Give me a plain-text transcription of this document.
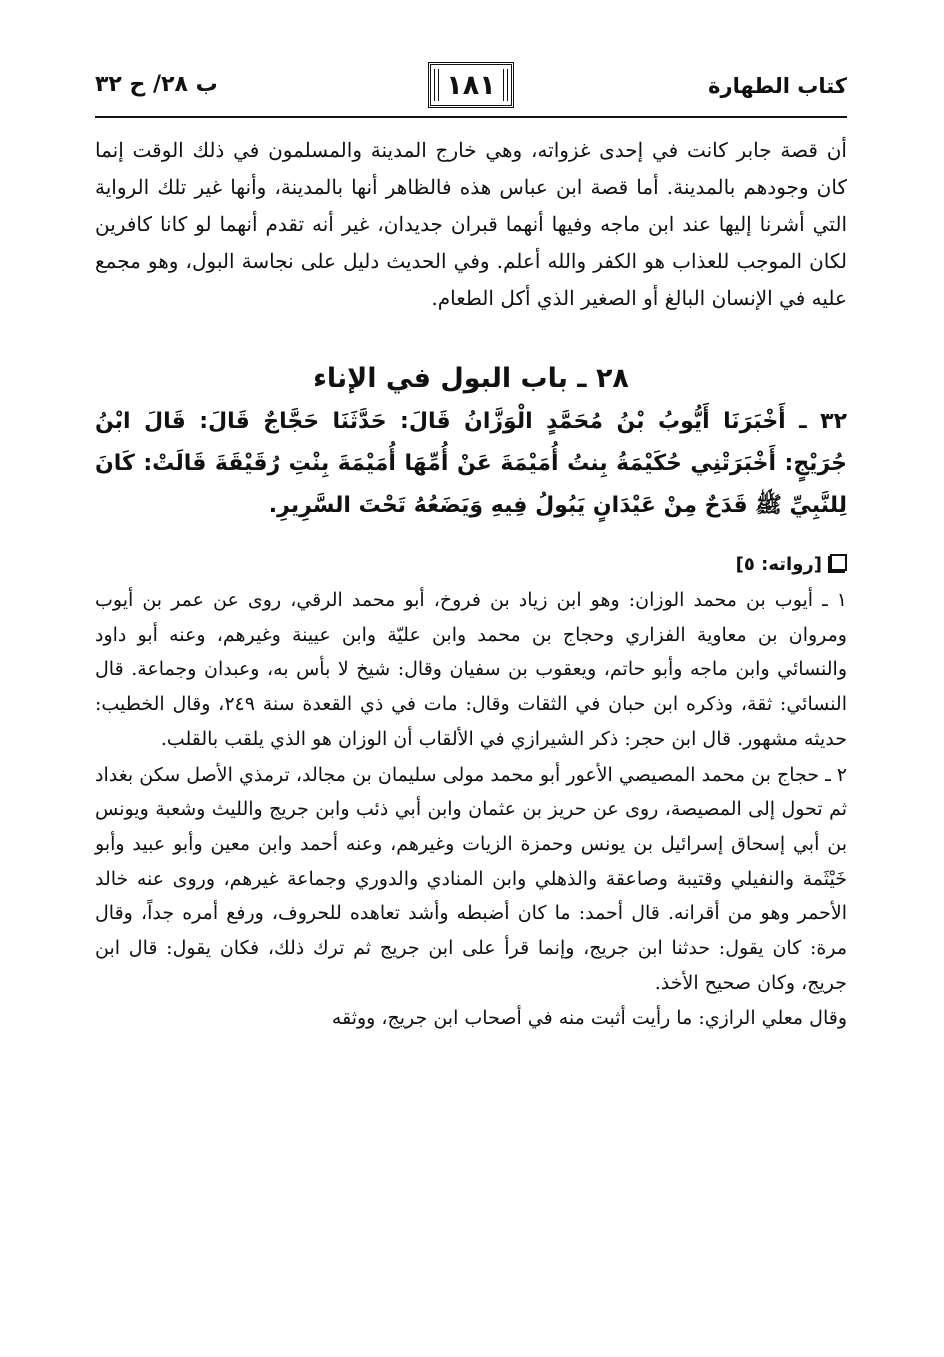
كتاب الطهارة
١٨١
ب ٢٨/ ح ٣٢

أن قصة جابر كانت في إحدى غزواته، وهي خارج المدينة والمسلمون في ذلك الوقت إنما كان وجودهم بالمدينة. أما قصة ابن عباس هذه فالظاهر أنها بالمدينة، وأنها غير تلك الرواية التي أشرنا إليها عند ابن ماجه وفيها أنهما قبران جديدان، غير أنه تقدم أنهما لو كانا كافرين لكان الموجب للعذاب هو الكفر والله أعلم. وفي الحديث دليل على نجاسة البول، وهو مجمع عليه في الإنسان البالغ أو الصغير الذي أكل الطعام.

٢٨ ـ باب البول في الإناء

٣٢ ـ أَخْبَرَنَا أَيُّوبُ بْنُ مُحَمَّدٍ الْوَزَّانُ قَالَ: حَدَّثَنَا حَجَّاجٌ قَالَ: قَالَ ابْنُ جُرَيْجٍ: أَخْبَرَتْنِي حُكَيْمَةُ بِنتُ أُمَيْمَةَ عَنْ أُمِّهَا أُمَيْمَةَ بِنْتِ رُقَيْقَةَ قَالَتْ: كَانَ لِلنَّبِيِّ ﷺ قَدَحٌ مِنْ عَيْدَانٍ يَبُولُ فِيهِ وَيَضَعُهُ تَحْتَ السَّرِيرِ.

[رواته: ٥]

١ ـ أيوب بن محمد الوزان: وهو ابن زياد بن فروخ، أبو محمد الرقي، روى عن عمر بن أيوب ومروان بن معاوية الفزاري وحجاج بن محمد وابن عليّة وابن عيينة وغيرهم، وعنه أبو داود والنسائي وابن ماجه وأبو حاتم، ويعقوب بن سفيان وقال: شيخ لا بأس به، وعبدان وجماعة. قال النسائي: ثقة، وذكره ابن حبان في الثقات وقال: مات في ذي القعدة سنة ٢٤٩، وقال الخطيب: حديثه مشهور. قال ابن حجر: ذكر الشيرازي في الألقاب أن الوزان هو الذي يلقب بالقلب.

٢ ـ حجاج بن محمد المصيصي الأعور أبو محمد مولى سليمان بن مجالد، ترمذي الأصل سكن بغداد ثم تحول إلى المصيصة، روى عن حريز بن عثمان وابن أبي ذئب وابن جريج والليث وشعبة ويونس بن أبي إسحاق إسرائيل بن يونس وحمزة الزيات وغيرهم، وعنه أحمد وابن معين وأبو عبيد وأبو خَيْثَمة والنفيلي وقتيبة وصاعقة والذهلي وابن المنادي والدوري وجماعة غيرهم، وروى عنه خالد الأحمر وهو من أقرانه. قال أحمد: ما كان أضبطه وأشد تعاهده للحروف، ورفع أمره جداً، وقال مرة: كان يقول: حدثنا ابن جريج، وإنما قرأ على ابن جريج ثم ترك ذلك، فكان يقول: قال ابن جريج، وكان صحيح الأخذ.

وقال معلي الرازي: ما رأيت أثبت منه في أصحاب ابن جريج، ووثقه
